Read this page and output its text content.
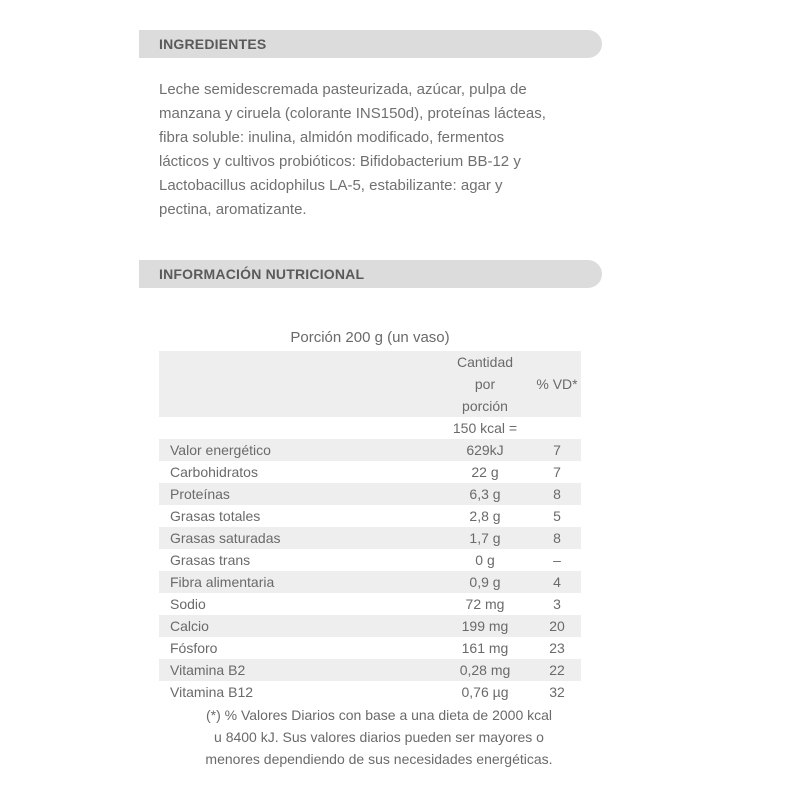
INGREDIENTES
Leche semidescremada pasteurizada, azúcar, pulpa de
manzana y ciruela (colorante INS150d), proteínas lácteas,
fibra soluble: inulina, almidón modificado, fermentos
lácticos y cultivos probióticos: Bifidobacterium BB-12 y
Lactobacillus acidophilus LA-5, estabilizante: agar y
pectina, aromatizante.
INFORMACIÓN NUTRICIONAL
Porción 200 g (un vaso)

	Cantidad
por
porción	% VD*

	150 kcal =	
Valor energético	629kJ	7
Carbohidratos	22 g	7
Proteínas	6,3 g	8
Grasas totales	2,8 g	5
Grasas saturadas	1,7 g	8
Grasas trans	0 g	–
Fibra alimentaria	0,9 g	4
Sodio	72 mg	3
Calcio	199 mg	20
Fósforo	161 mg	23
Vitamina B2	0,28 mg	22
Vitamina B12	0,76 µg	32
(*) % Valores Diarios con base a una dieta de 2000 kcal
u 8400 kJ. Sus valores diarios pueden ser mayores o
menores dependiendo de sus necesidades energéticas.
